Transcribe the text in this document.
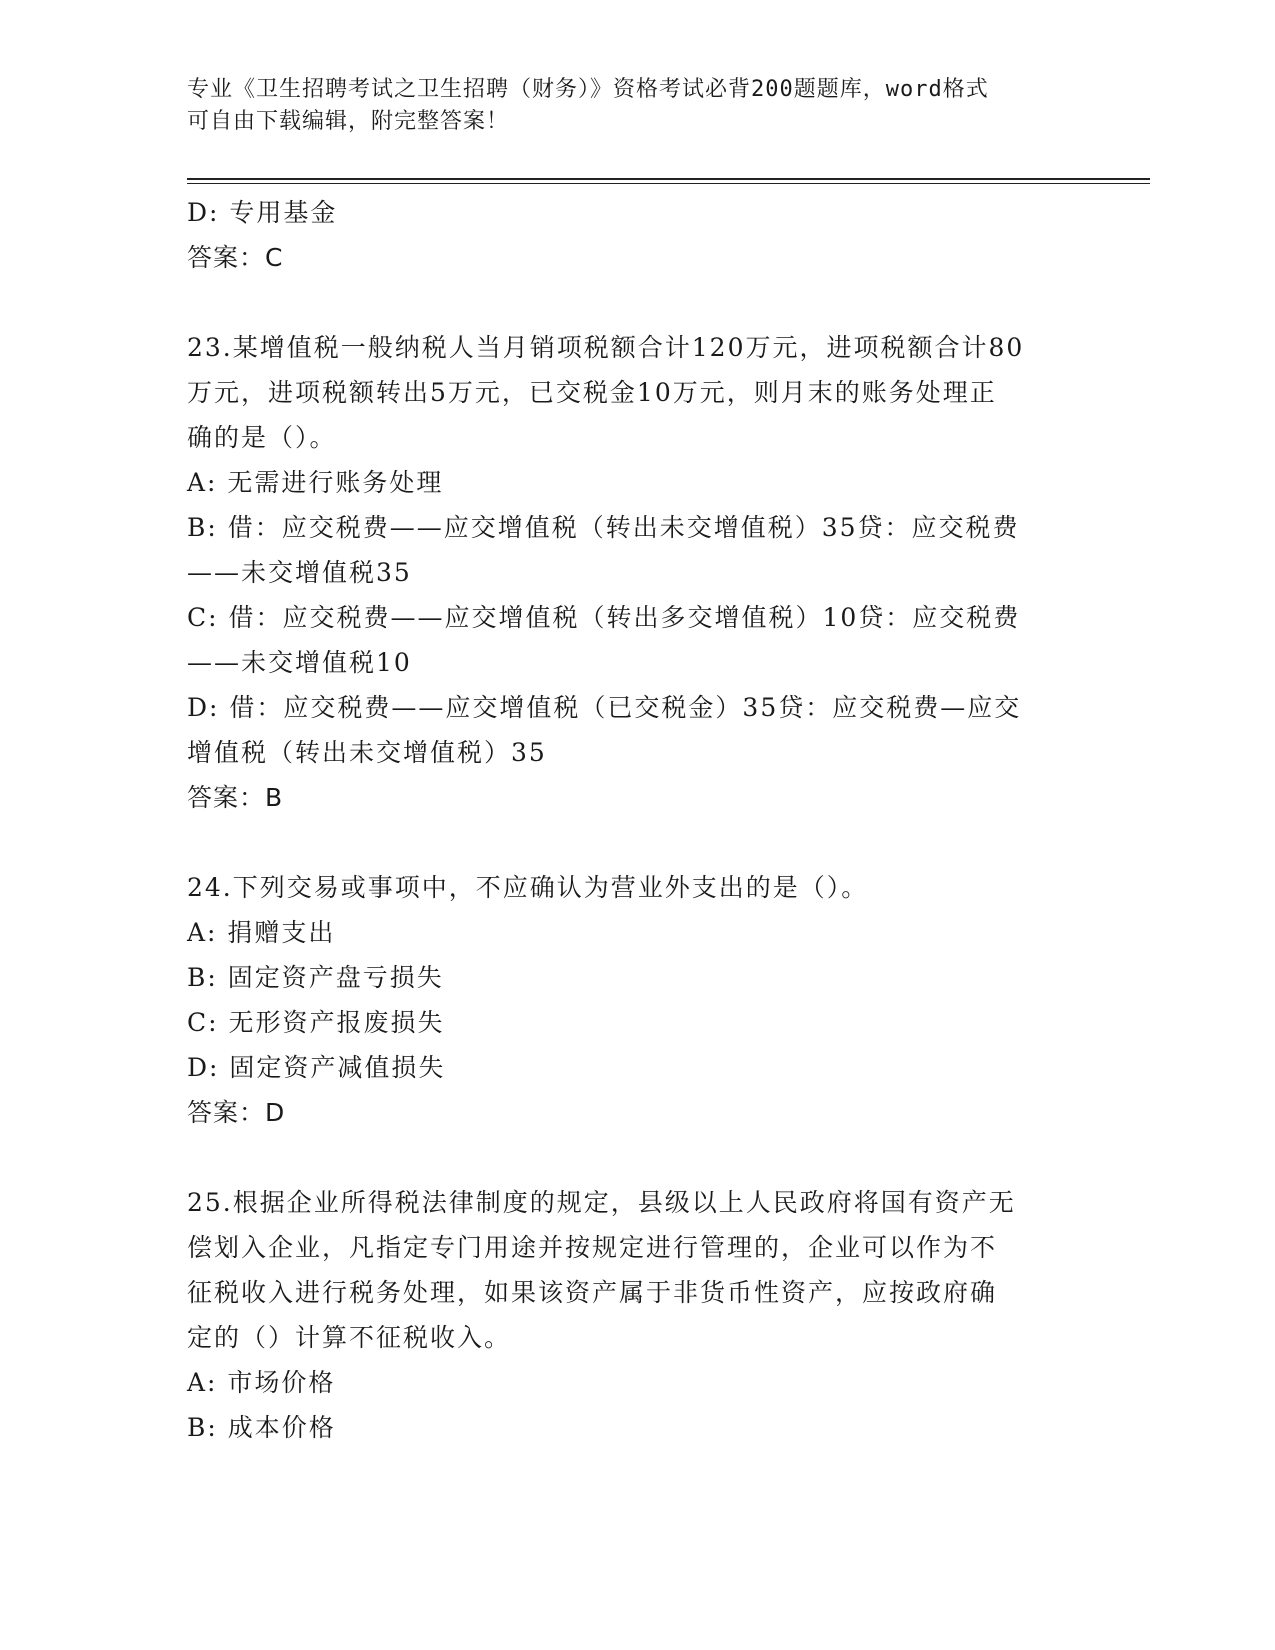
专业《卫生招聘考试之卫生招聘（财务）》资格考试必背200题题库，word格式
可自由下载编辑，附完整答案！
D: 专用基金
答案：C
23.某增值税一般纳税人当月销项税额合计120万元，进项税额合计80
万元，进项税额转出5万元，已交税金10万元，则月末的账务处理正
确的是（）。
A: 无需进行账务处理
B: 借：应交税费——应交增值税（转出未交增值税）35贷：应交税费
——未交增值税35
C: 借：应交税费——应交增值税（转出多交增值税）10贷：应交税费
——未交增值税10
D: 借：应交税费——应交增值税（已交税金）35贷：应交税费—应交
增值税（转出未交增值税）35
答案：B
24.下列交易或事项中，不应确认为营业外支出的是（）。
A: 捐赠支出
B: 固定资产盘亏损失
C: 无形资产报废损失
D: 固定资产减值损失
答案：D
25.根据企业所得税法律制度的规定，县级以上人民政府将国有资产无
偿划入企业，凡指定专门用途并按规定进行管理的，企业可以作为不
征税收入进行税务处理，如果该资产属于非货币性资产，应按政府确
定的（）计算不征税收入。
A: 市场价格
B: 成本价格
